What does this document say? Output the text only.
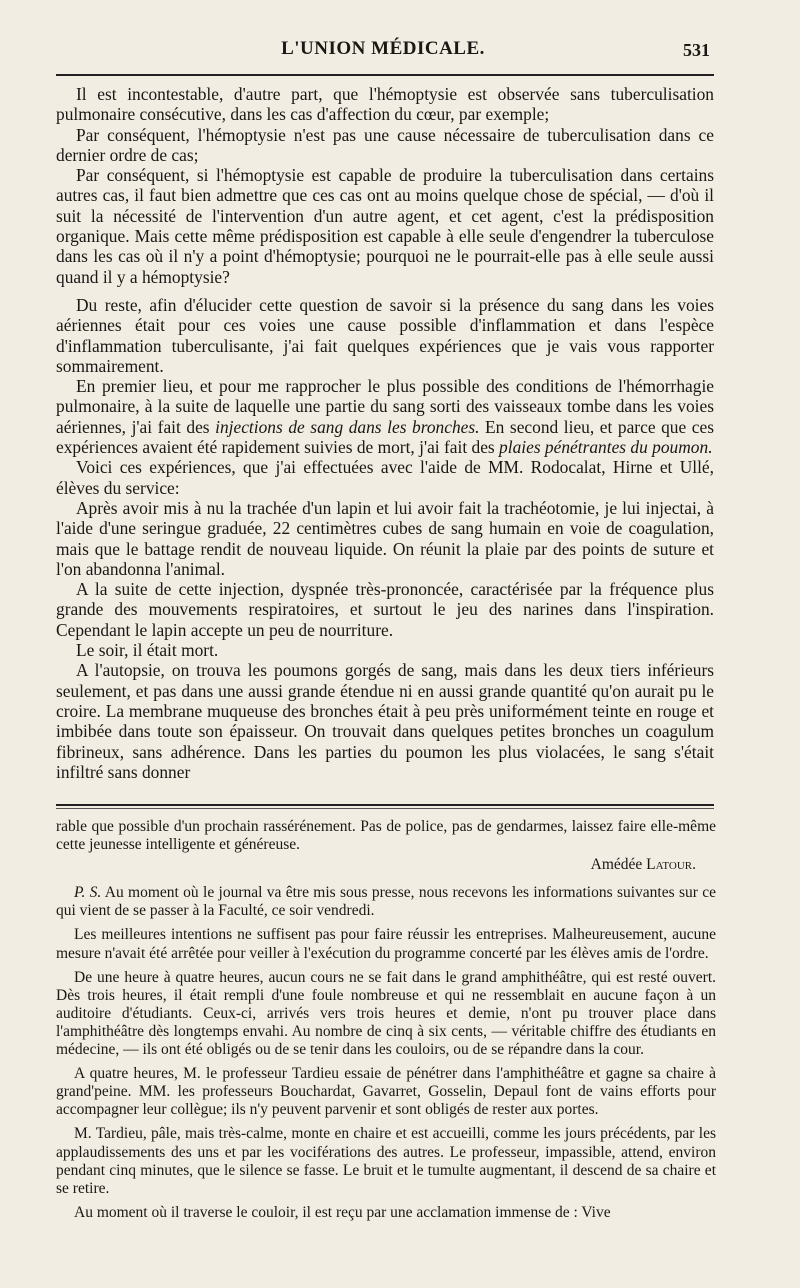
L'UNION MÉDICALE.	531

Il est incontestable, d'autre part, que l'hémoptysie est observée sans tuberculisation pulmonaire consécutive, dans les cas d'affection du cœur, par exemple;

Par conséquent, l'hémoptysie n'est pas une cause nécessaire de tuberculisation dans ce dernier ordre de cas;

Par conséquent, si l'hémoptysie est capable de produire la tuberculisation dans certains autres cas, il faut bien admettre que ces cas ont au moins quelque chose de spécial, — d'où il suit la nécessité de l'intervention d'un autre agent, et cet agent, c'est la prédisposition organique. Mais cette même prédisposition est capable à elle seule d'engendrer la tuberculose dans les cas où il n'y a point d'hémoptysie; pourquoi ne le pourrait-elle pas à elle seule aussi quand il y a hémoptysie?

Du reste, afin d'élucider cette question de savoir si la présence du sang dans les voies aériennes était pour ces voies une cause possible d'inflammation et dans l'espèce d'inflammation tuberculisante, j'ai fait quelques expériences que je vais vous rapporter sommairement.

En premier lieu, et pour me rapprocher le plus possible des conditions de l'hémorrhagie pulmonaire, à la suite de laquelle une partie du sang sorti des vaisseaux tombe dans les voies aériennes, j'ai fait des injections de sang dans les bronches. En second lieu, et parce que ces expériences avaient été rapidement suivies de mort, j'ai fait des plaies pénétrantes du poumon.

Voici ces expériences, que j'ai effectuées avec l'aide de MM. Rodocalat, Hirne et Ullé, élèves du service:

Après avoir mis à nu la trachée d'un lapin et lui avoir fait la trachéotomie, je lui injectai, à l'aide d'une seringue graduée, 22 centimètres cubes de sang humain en voie de coagulation, mais que le battage rendit de nouveau liquide. On réunit la plaie par des points de suture et l'on abandonna l'animal.

A la suite de cette injection, dyspnée très-prononcée, caractérisée par la fréquence plus grande des mouvements respiratoires, et surtout le jeu des narines dans l'inspiration. Cependant le lapin accepte un peu de nourriture.

Le soir, il était mort.

A l'autopsie, on trouva les poumons gorgés de sang, mais dans les deux tiers inférieurs seulement, et pas dans une aussi grande étendue ni en aussi grande quantité qu'on aurait pu le croire. La membrane muqueuse des bronches était à peu près uniformément teinte en rouge et imbibée dans toute son épaisseur. On trouvait dans quelques petites bronches un coagulum fibrineux, sans adhérence. Dans les parties du poumon les plus violacées, le sang s'était infiltré sans donner

rable que possible d'un prochain rassérénement. Pas de police, pas de gendarmes, laissez faire elle-même cette jeunesse intelligente et généreuse.

Amédée Latour.

P. S. Au moment où le journal va être mis sous presse, nous recevons les informations suivantes sur ce qui vient de se passer à la Faculté, ce soir vendredi.

Les meilleures intentions ne suffisent pas pour faire réussir les entreprises. Malheureusement, aucune mesure n'avait été arrêtée pour veiller à l'exécution du programme concerté par les élèves amis de l'ordre.

De une heure à quatre heures, aucun cours ne se fait dans le grand amphithéâtre, qui est resté ouvert. Dès trois heures, il était rempli d'une foule nombreuse et qui ne ressemblait en aucune façon à un auditoire d'étudiants. Ceux-ci, arrivés vers trois heures et demie, n'ont pu trouver place dans l'amphithéâtre dès longtemps envahi. Au nombre de cinq à six cents, — véritable chiffre des étudiants en médecine, — ils ont été obligés ou de se tenir dans les couloirs, ou de se répandre dans la cour.

A quatre heures, M. le professeur Tardieu essaie de pénétrer dans l'amphithéâtre et gagne sa chaire à grand'peine. MM. les professeurs Bouchardat, Gavarret, Gosselin, Depaul font de vains efforts pour accompagner leur collègue; ils n'y peuvent parvenir et sont obligés de rester aux portes.

M. Tardieu, pâle, mais très-calme, monte en chaire et est accueilli, comme les jours précédents, par les applaudissements des uns et par les vociférations des autres. Le professeur, impassible, attend, environ pendant cinq minutes, que le silence se fasse. Le bruit et le tumulte augmentant, il descend de sa chaire et se retire.

Au moment où il traverse le couloir, il est reçu par une acclamation immense de : Vive
